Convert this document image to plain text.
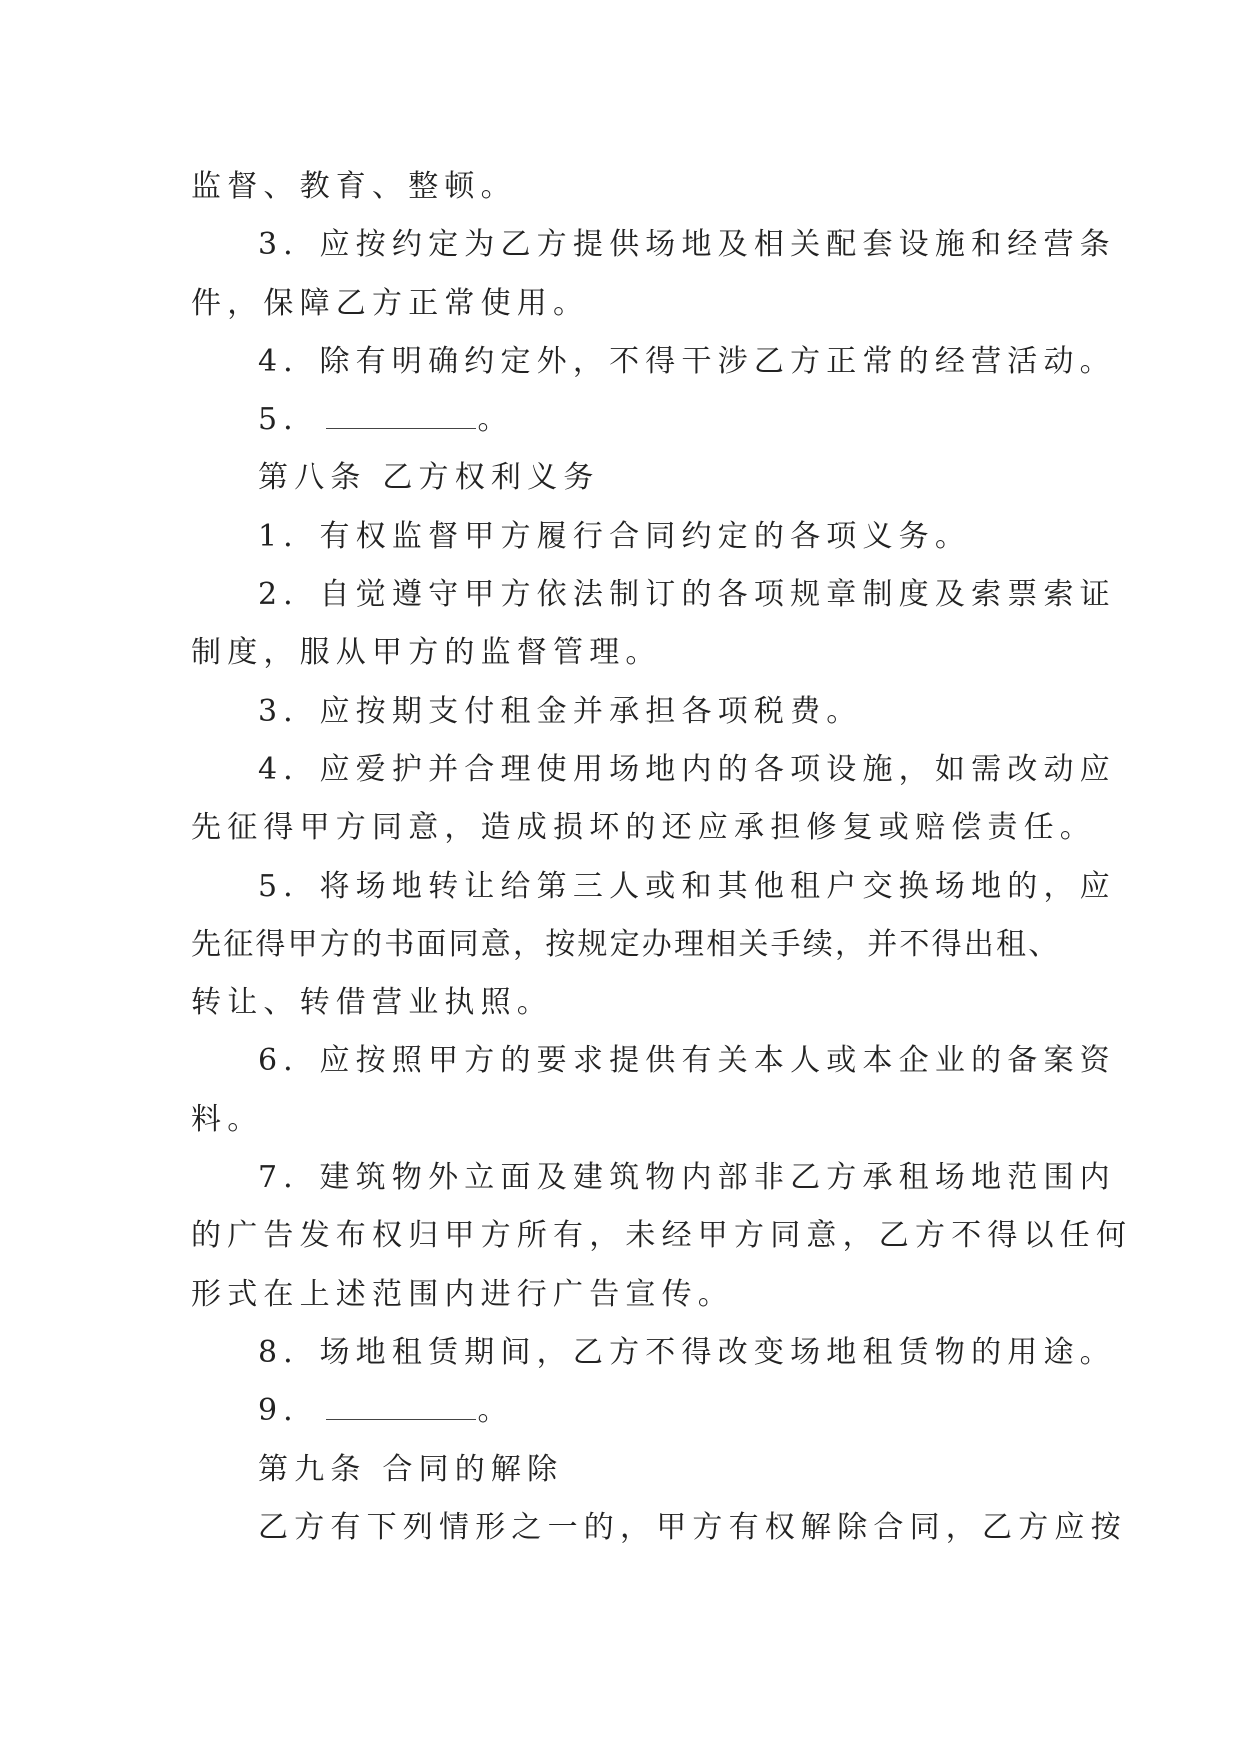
监督、教育、整顿。
3．应按约定为乙方提供场地及相关配套设施和经营条
件，保障乙方正常使用。
4．除有明确约定外，不得干涉乙方正常的经营活动。
5．	。
第八条 乙方权利义务
1．有权监督甲方履行合同约定的各项义务。
2．自觉遵守甲方依法制订的各项规章制度及索票索证
制度，服从甲方的监督管理。
3．应按期支付租金并承担各项税费。
4．应爱护并合理使用场地内的各项设施，如需改动应
先征得甲方同意，造成损坏的还应承担修复或赔偿责任。
5．将场地转让给第三人或和其他租户交换场地的，应
先征得甲方的书面同意，按规定办理相关手续，并不得出租、
转让、转借营业执照。
6．应按照甲方的要求提供有关本人或本企业的备案资
料。
7．建筑物外立面及建筑物内部非乙方承租场地范围内
的广告发布权归甲方所有，未经甲方同意，乙方不得以任何
形式在上述范围内进行广告宣传。
8．场地租赁期间，乙方不得改变场地租赁物的用途。
9．	。
第九条 合同的解除
乙方有下列情形之一的，甲方有权解除合同，乙方应按
